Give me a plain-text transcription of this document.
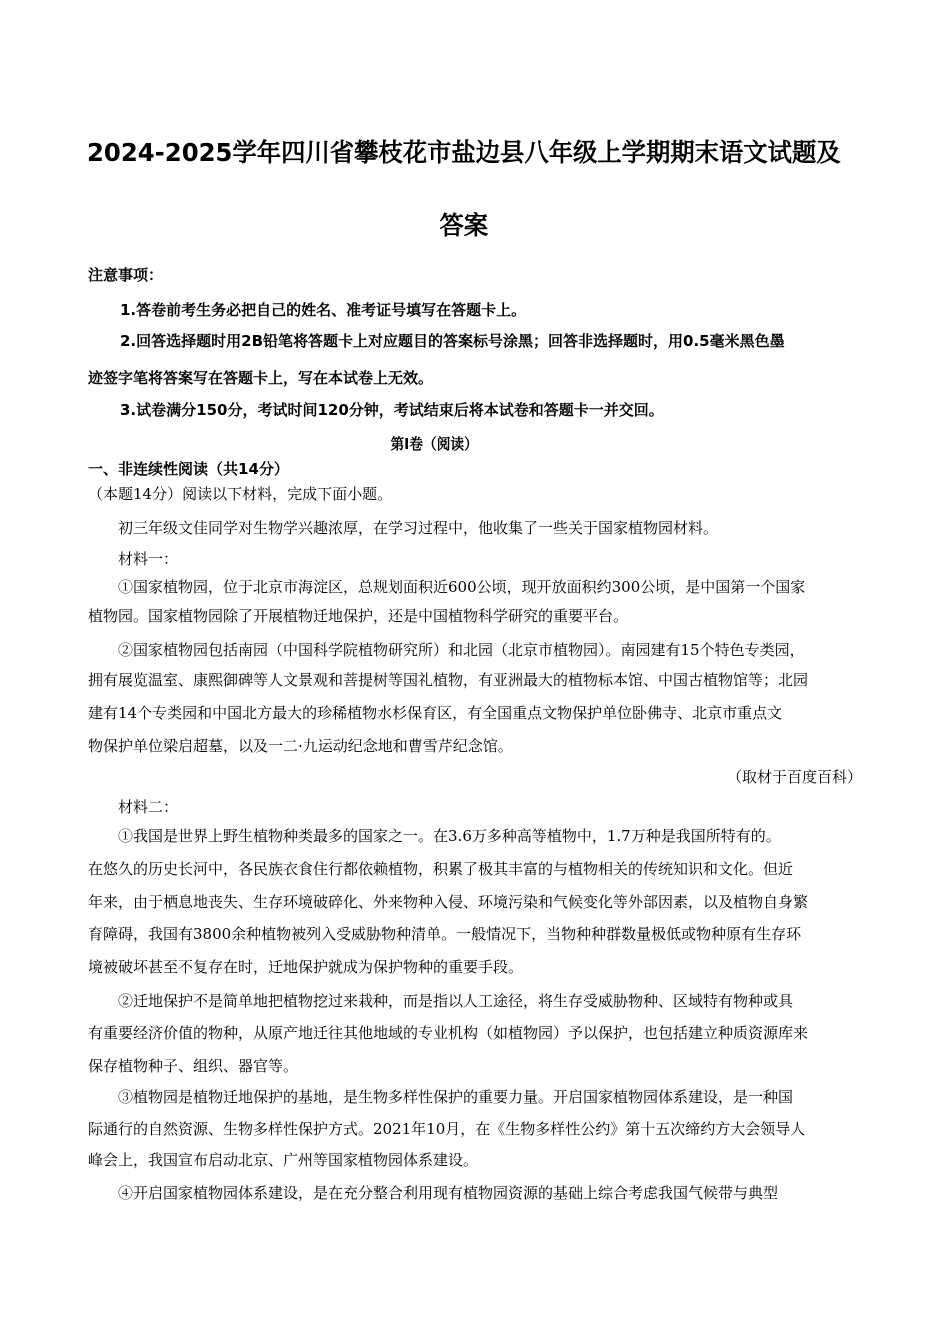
2024-2025学年四川省攀枝花市盐边县八年级上学期期末语文试题及
答案
注意事项：
1.答卷前考生务必把自己的姓名、准考证号填写在答题卡上。
2.回答选择题时用2B铅笔将答题卡上对应题目的答案标号涂黑；回答非选择题时，用0.5毫米黑色墨
迹签字笔将答案写在答题卡上，写在本试卷上无效。
3.试卷满分150分，考试时间120分钟，考试结束后将本试卷和答题卡一并交回。
第Ⅰ卷（阅读）
一、非连续性阅读（共14分）
（本题14分）阅读以下材料，完成下面小题。
初三年级文佳同学对生物学兴趣浓厚，在学习过程中，他收集了一些关于国家植物园材料。
材料一：
①国家植物园，位于北京市海淀区，总规划面积近600公顷，现开放面积约300公顷，是中国第一个国家
植物园。国家植物园除了开展植物迁地保护，还是中国植物科学研究的重要平台。
②国家植物园包括南园（中国科学院植物研究所）和北园（北京市植物园）。南园建有15个特色专类园，
拥有展览温室、康熙御碑等人文景观和菩提树等国礼植物，有亚洲最大的植物标本馆、中国古植物馆等；北园
建有14个专类园和中国北方最大的珍稀植物水杉保育区，有全国重点文物保护单位卧佛寺、北京市重点文
物保护单位梁启超墓，以及一二·九运动纪念地和曹雪芹纪念馆。
（取材于百度百科）
材料二：
①我国是世界上野生植物种类最多的国家之一。在3.6万多种高等植物中，1.7万种是我国所特有的。
在悠久的历史长河中，各民族衣食住行都依赖植物，积累了极其丰富的与植物相关的传统知识和文化。但近
年来，由于栖息地丧失、生存环境破碎化、外来物种入侵、环境污染和气候变化等外部因素，以及植物自身繁
育障碍，我国有3800余种植物被列入受威胁物种清单。一般情况下，当物种种群数量极低或物种原有生存环
境被破坏甚至不复存在时，迁地保护就成为保护物种的重要手段。
②迁地保护不是简单地把植物挖过来栽种，而是指以人工途径，将生存受威胁物种、区域特有物种或具
有重要经济价值的物种，从原产地迁往其他地域的专业机构（如植物园）予以保护，也包括建立种质资源库来
保存植物种子、组织、器官等。
③植物园是植物迁地保护的基地，是生物多样性保护的重要力量。开启国家植物园体系建设，是一种国
际通行的自然资源、生物多样性保护方式。2021年10月，在《生物多样性公约》第十五次缔约方大会领导人
峰会上，我国宣布启动北京、广州等国家植物园体系建设。
④开启国家植物园体系建设，是在充分整合利用现有植物园资源的基础上综合考虑我国气候带与典型
